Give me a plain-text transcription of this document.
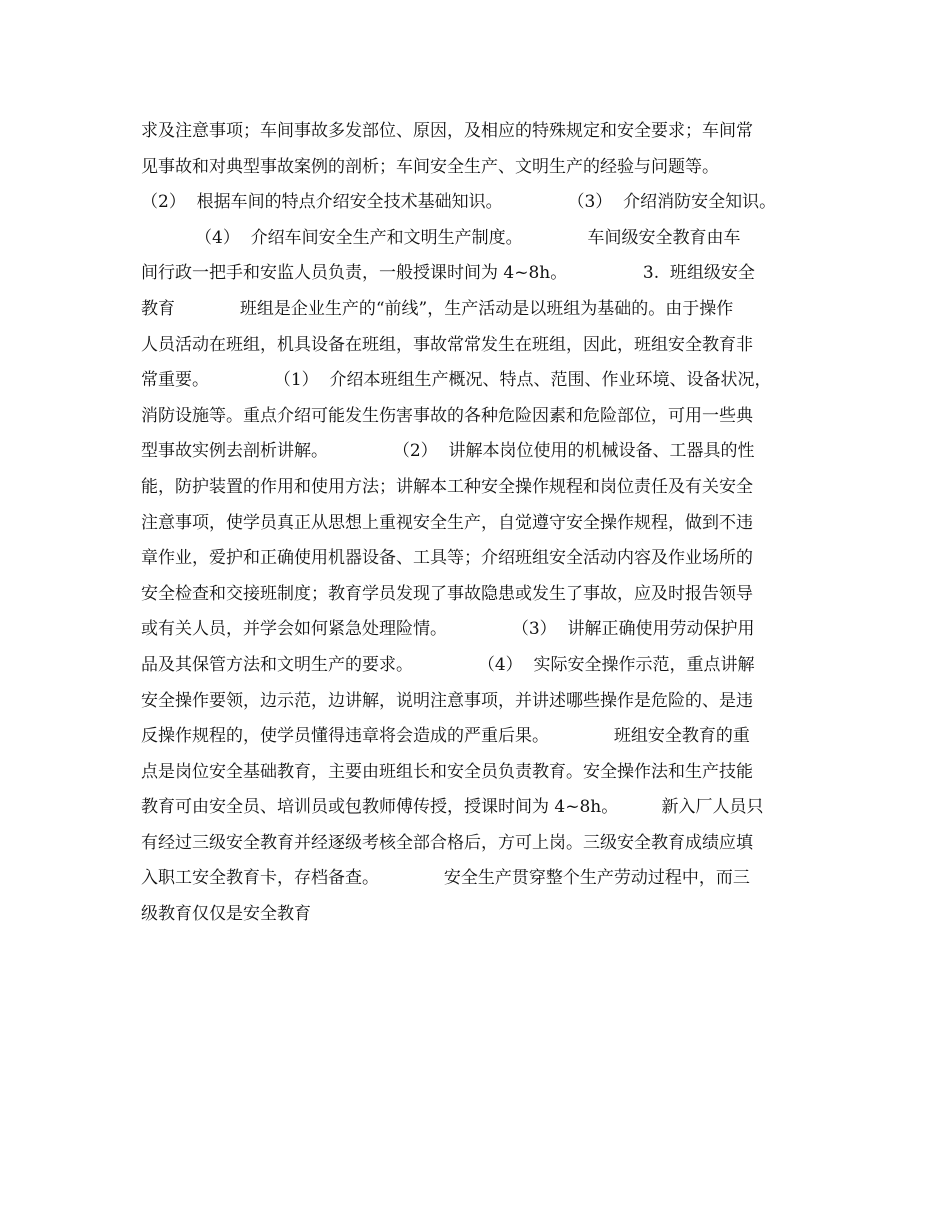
求及注意事项；车间事故多发部位、原因，及相应的特殊规定和安全要求；车间常
见事故和对典型事故案例的剖析；车间安全生产、文明生产的经验与问题等。
（2）  根据车间的特点介绍安全技术基础知识。            （3）  介绍消防安全知识。
（4）  介绍车间安全生产和文明生产制度。            车间级安全教育由车
间行政一把手和安监人员负责，一般授课时间为 4~8h。              3.  班组级安全
教育            班组是企业生产的“前线”，生产活动是以班组为基础的。由于操作
人员活动在班组，机具设备在班组，事故常常发生在班组，因此，班组安全教育非
常重要。            （1）  介绍本班组生产概况、特点、范围、作业环境、设备状况，
消防设施等。重点介绍可能发生伤害事故的各种危险因素和危险部位，可用一些典
型事故实例去剖析讲解。            （2）  讲解本岗位使用的机械设备、工器具的性
能，防护装置的作用和使用方法；讲解本工种安全操作规程和岗位责任及有关安全
注意事项，使学员真正从思想上重视安全生产，自觉遵守安全操作规程，做到不违
章作业，爱护和正确使用机器设备、工具等；介绍班组安全活动内容及作业场所的
安全检查和交接班制度；教育学员发现了事故隐患或发生了事故，应及时报告领导
或有关人员，并学会如何紧急处理险情。            （3）  讲解正确使用劳动保护用
品及其保管方法和文明生产的要求。            （4）  实际安全操作示范，重点讲解
安全操作要领，边示范，边讲解，说明注意事项，并讲述哪些操作是危险的、是违
反操作规程的，使学员懂得违章将会造成的严重后果。            班组安全教育的重
点是岗位安全基础教育，主要由班组长和安全员负责教育。安全操作法和生产技能
教育可由安全员、培训员或包教师傅传授，授课时间为 4~8h。        新入厂人员只
有经过三级安全教育并经逐级考核全部合格后，方可上岗。三级安全教育成绩应填
入职工安全教育卡，存档备查。            安全生产贯穿整个生产劳动过程中，而三
级教育仅仅是安全教育
